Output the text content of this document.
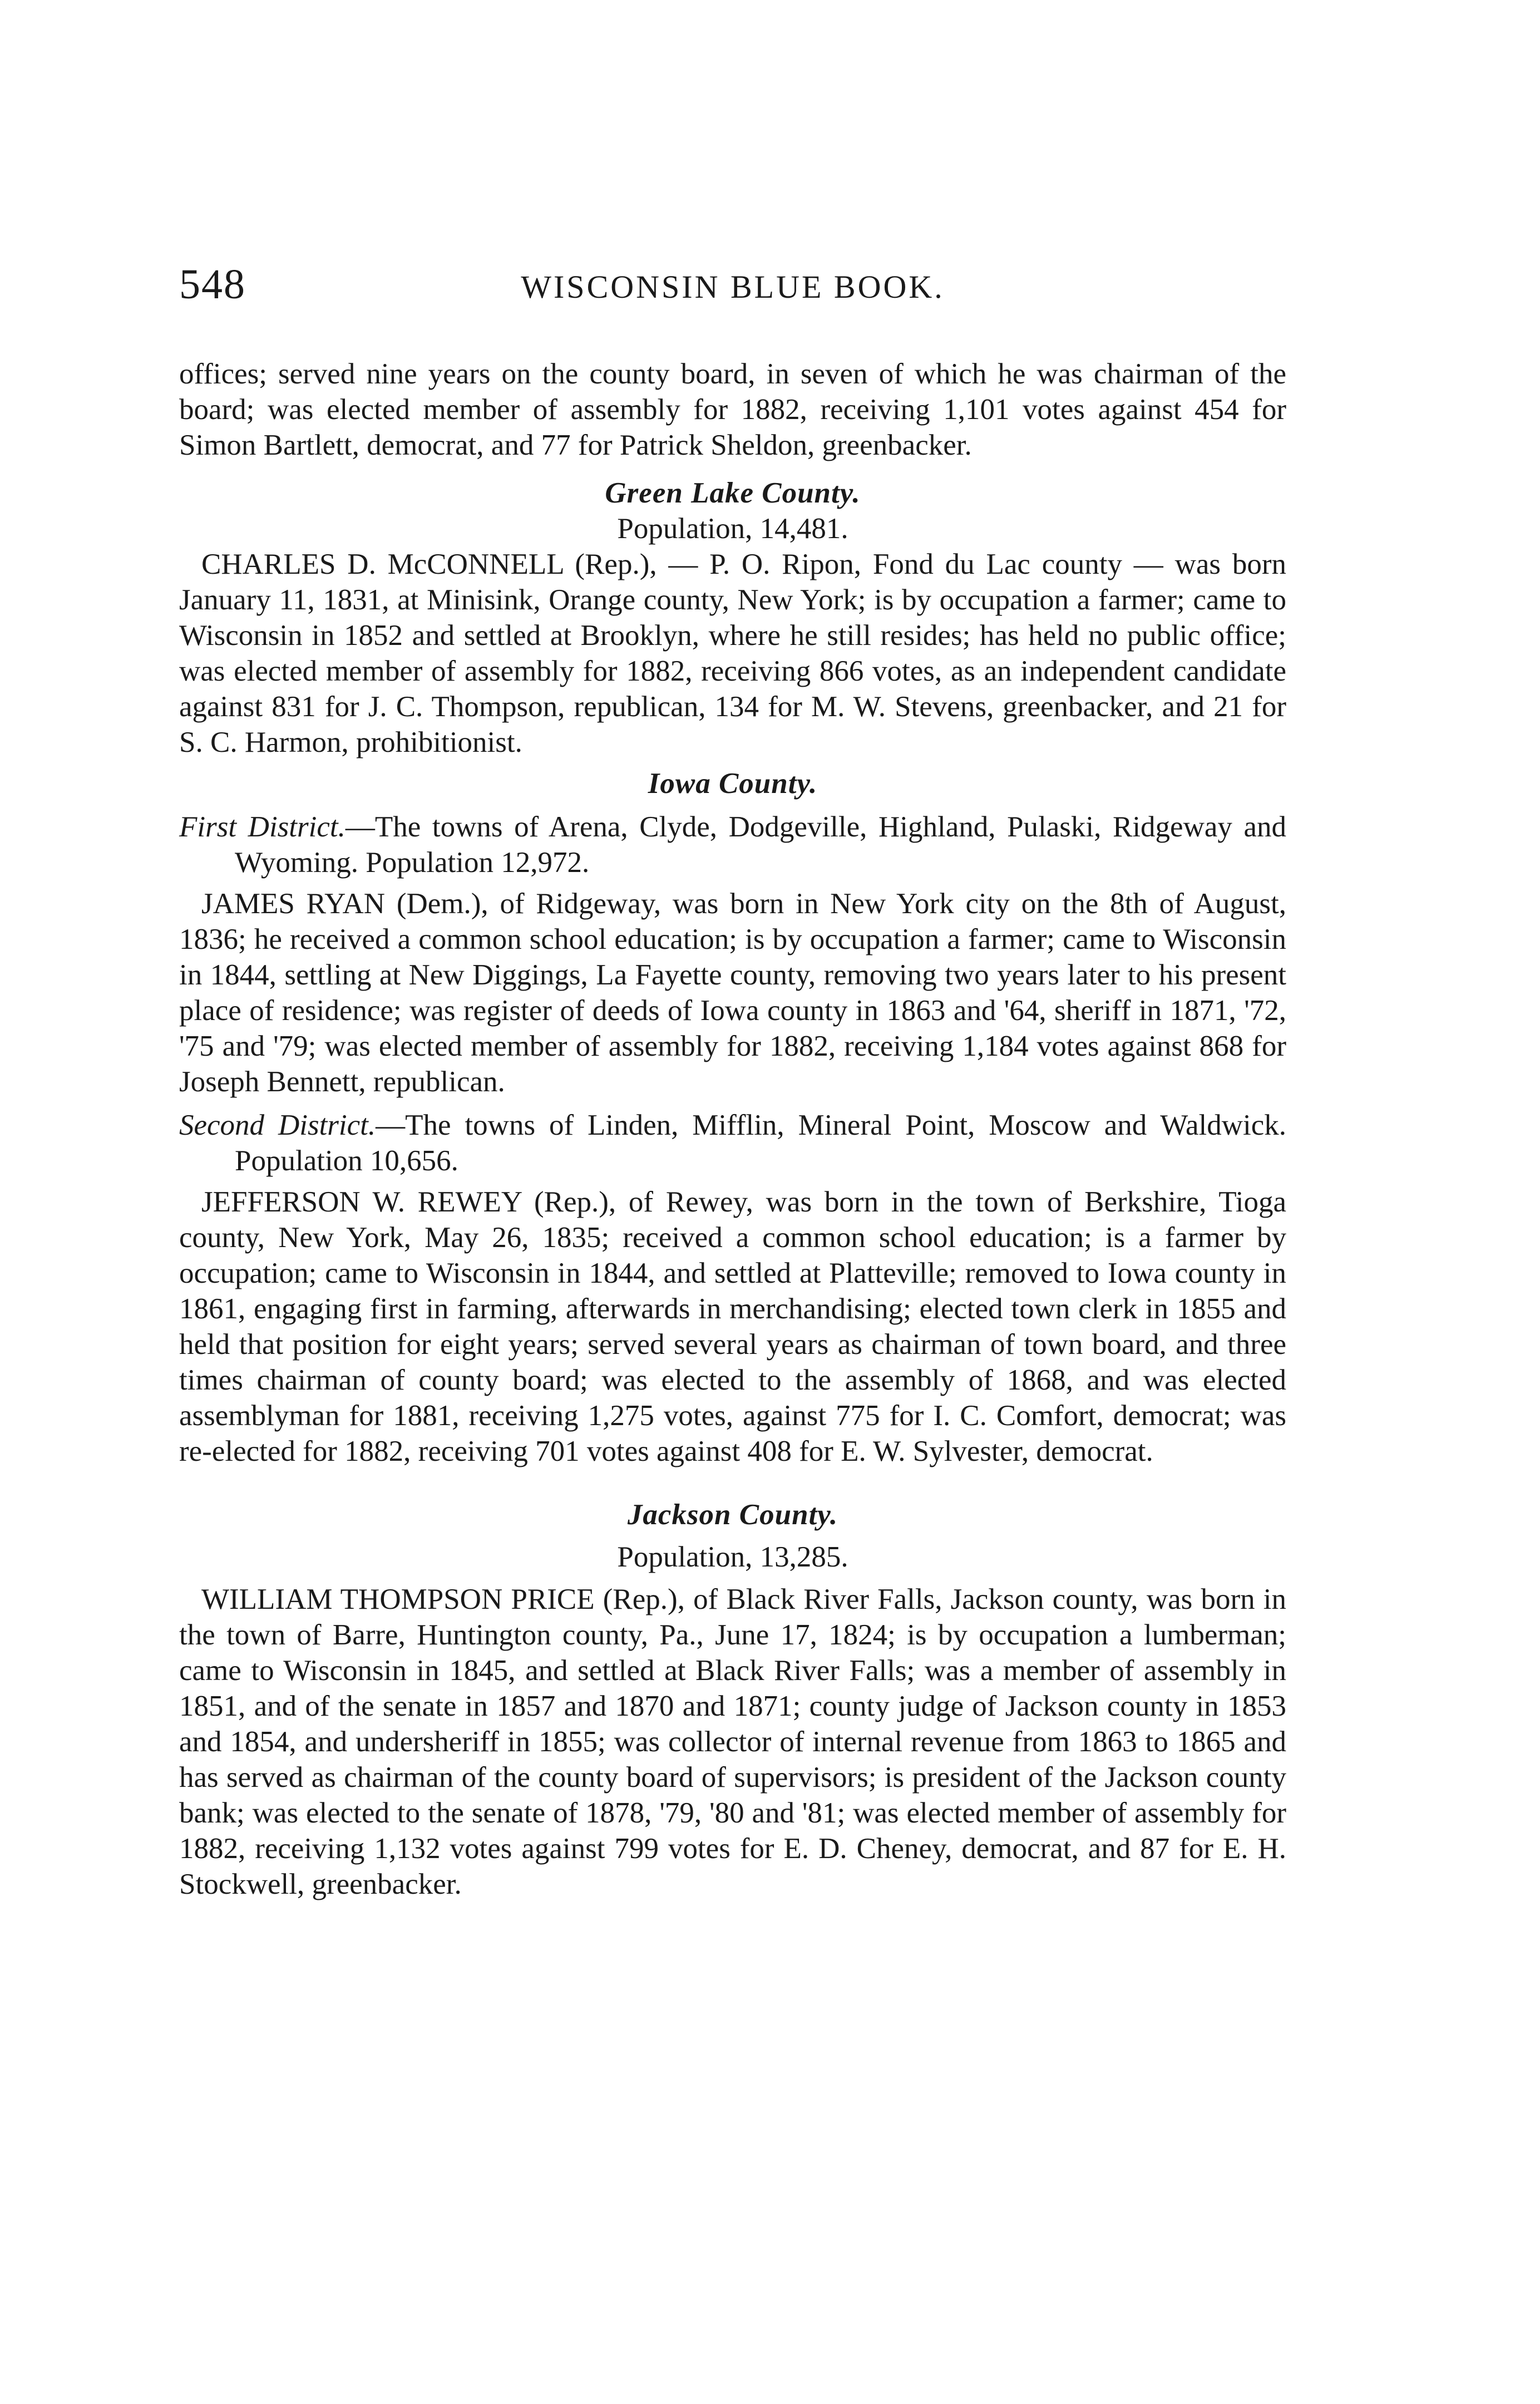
548	WISCONSIN BLUE BOOK.

offices; served nine years on the county board, in seven of which he was chairman of the board; was elected member of assembly for 1882, receiving 1,101 votes against 454 for Simon Bartlett, democrat, and 77 for Patrick Sheldon, greenbacker.

Green Lake County.

Population, 14,481.

CHARLES D. McCONNELL (Rep.), — P. O. Ripon, Fond du Lac county — was born January 11, 1831, at Minisink, Orange county, New York; is by occupation a farmer; came to Wisconsin in 1852 and settled at Brooklyn, where he still resides; has held no public office; was elected member of assembly for 1882, receiving 866 votes, as an independent candidate against 831 for J. C. Thompson, republican, 134 for M. W. Stevens, greenbacker, and 21 for S. C. Harmon, prohibitionist.

Iowa County.

First District.—The towns of Arena, Clyde, Dodgeville, Highland, Pulaski, Ridgeway and Wyoming. Population 12,972.

JAMES RYAN (Dem.), of Ridgeway, was born in New York city on the 8th of August, 1836; he received a common school education; is by occupation a farmer; came to Wisconsin in 1844, settling at New Diggings, La Fayette county, removing two years later to his present place of residence; was register of deeds of Iowa county in 1863 and '64, sheriff in 1871, '72, '75 and '79; was elected member of assembly for 1882, receiving 1,184 votes against 868 for Joseph Bennett, republican.

Second District.—The towns of Linden, Mifflin, Mineral Point, Moscow and Waldwick. Population 10,656.

JEFFERSON W. REWEY (Rep.), of Rewey, was born in the town of Berkshire, Tioga county, New York, May 26, 1835; received a common school education; is a farmer by occupation; came to Wisconsin in 1844, and settled at Platteville; removed to Iowa county in 1861, engaging first in farming, afterwards in merchandising; elected town clerk in 1855 and held that position for eight years; served several years as chairman of town board, and three times chairman of county board; was elected to the assembly of 1868, and was elected assemblyman for 1881, receiving 1,275 votes, against 775 for I. C. Comfort, democrat; was re-elected for 1882, receiving 701 votes against 408 for E. W. Sylvester, democrat.

Jackson County.

Population, 13,285.

WILLIAM THOMPSON PRICE (Rep.), of Black River Falls, Jackson county, was born in the town of Barre, Huntington county, Pa., June 17, 1824; is by occupation a lumberman; came to Wisconsin in 1845, and settled at Black River Falls; was a member of assembly in 1851, and of the senate in 1857 and 1870 and 1871; county judge of Jackson county in 1853 and 1854, and undersheriff in 1855; was collector of internal revenue from 1863 to 1865 and has served as chairman of the county board of supervisors; is president of the Jackson county bank; was elected to the senate of 1878, '79, '80 and '81; was elected member of assembly for 1882, receiving 1,132 votes against 799 votes for E. D. Cheney, democrat, and 87 for E. H. Stockwell, greenbacker.
